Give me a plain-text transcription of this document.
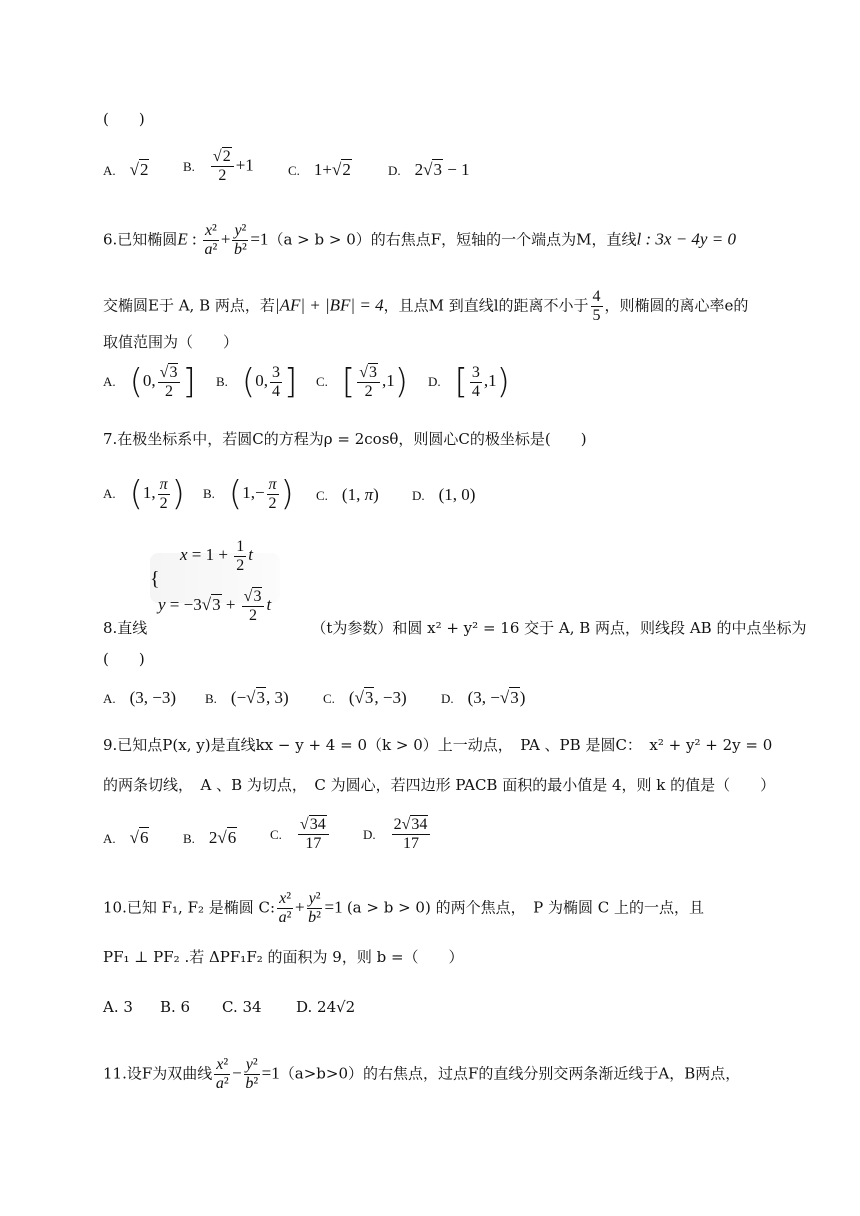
(　　)
A. √2	B. $\frac{√2}{2} +1$	C. 1+√2	D. 2√3 − 1
6.已知椭圆E : $\frac{\text{x²}}{\text{a²}} + \frac{\text{y²}}{\text{b²}} =1(a > b > 0)$的右焦点F，短轴的一个端点为M，直线l : 3x − 4y = 0
交椭圆E于 A, B 两点，若|AF| + |BF| = 4，且点M 到直线l的距离不小于 $\frac{4}{5}$ ，则椭圆的离心率e的
取值范围为（　　）
A. (0, $\frac{√3}{2}$ ] B. (0, $\frac{3}{4}$ ] C. [ $\frac{√3}{2} ,1$) D. [ $\frac{3}{4} ,1$)
7.在极坐标系中，若圆C的方程为ρ = 2cosθ，则圆心C的极坐标是(　　)
A. (1, $\frac{\pi}{2}$ ) B. ($1,- \frac{\pi}{2}$ ) C. (1, π)	D. (1, 0)
$x = 1 + \frac{1}{2}$ t
{
$y = -3√3 + \frac{√3}{2}$ t
8.直线	（t为参数）和圆 x² + y² = 16 交于 A, B 两点，则线段 AB 的中点坐标为
(　　)
A. (3, −3) B. (−√3, 3)	C. (√3, −3)	D. (3, −√3)
9.已知点P(x, y)是直线kx − y + 4 = 0（k > 0）上一动点，　PA 、PB 是圆C：　x² + y² + 2y = 0
的两条切线，　A 、B 为切点，　C 为圆心，若四边形 PACB 面积的最小值是 4，则 k 的值是（　　）
A. √6	B. 2√6	C. $\frac{√34}{17}$	D. $\frac{2√34}{17}$
10.已知 F₁, F₂ 是椭圆 C: $\frac{\text{x²}}{\text{a²}} + \frac{\text{y²}}{\text{b²}} =1$ (a > b > 0) 的两个焦点，　P 为椭圆 C 上的一点，且
PF₁ ⊥ PF₂ .若 ΔPF₁F₂ 的面积为 9，则 b =（　　）
A. 3 B. 6 C. 34 D. 24√2
11.设F为双曲线 $\frac{\text{x²}}{\text{a²}} - \frac{\text{y²}}{\text{b²}} =1(a>b>0)$的右焦点，过点F的直线分别交两条渐近线于A，B两点，
